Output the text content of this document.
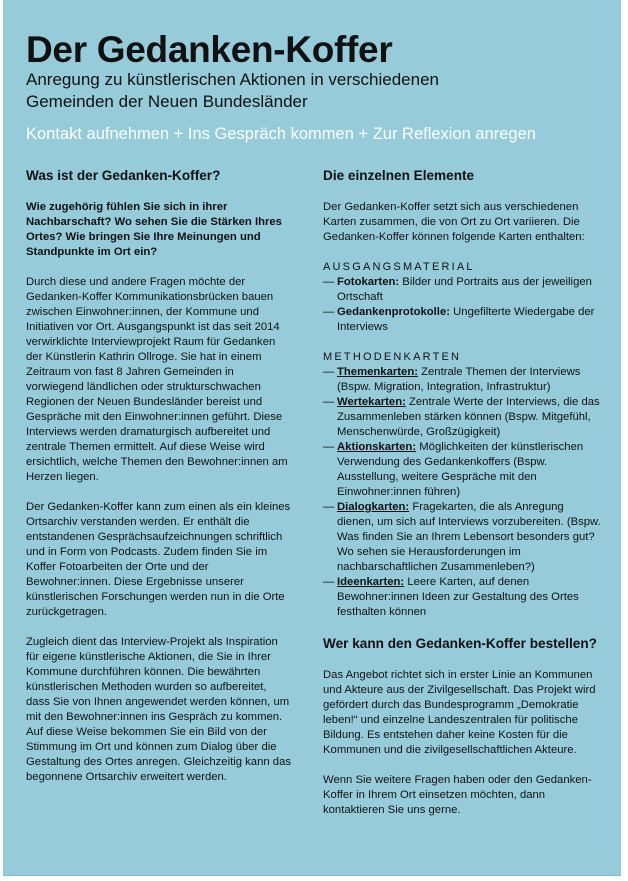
Der Gedanken-Koffer

Anregung zu künstlerischen Aktionen in verschiedenen Gemeinden der Neuen Bundesländer

Kontakt aufnehmen + Ins Gespräch kommen + Zur Reflexion anregen

Was ist der Gedanken-Koffer?

Wie zugehörig fühlen Sie sich in ihrer Nachbarschaft? Wo sehen Sie die Stärken Ihres Ortes? Wie bringen Sie Ihre Meinungen und Standpunkte im Ort ein?

Durch diese und andere Fragen möchte der Gedanken-Koffer Kommunikationsbrücken bauen zwischen Einwohner:innen, der Kommune und Initiativen vor Ort. Ausgangspunkt ist das seit 2014 verwirklichte Interviewprojekt Raum für Gedanken der Künstlerin Kathrin Ollroge. Sie hat in einem Zeitraum von fast 8 Jahren Gemeinden in vorwiegend ländlichen oder strukturschwachen Regionen der Neuen Bundesländer bereist und Gespräche mit den Einwohner:innen geführt. Diese Interviews werden dramaturgisch aufbereitet und zentrale Themen ermittelt. Auf diese Weise wird ersichtlich, welche Themen den Bewohner:innen am Herzen liegen.

Der Gedanken-Koffer kann zum einen als ein kleines Ortsarchiv verstanden werden. Er enthält die entstandenen Gesprächsaufzeichnungen schriftlich und in Form von Podcasts. Zudem finden Sie im Koffer Fotoarbeiten der Orte und der Bewohner:innen. Diese Ergebnisse unserer künstlerischen Forschungen werden nun in die Orte zurückgetragen.

Zugleich dient das Interview-Projekt als Inspiration für eigene künstlerische Aktionen, die Sie in Ihrer Kommune durchführen können. Die bewährten künstlerischen Methoden wurden so aufbereitet, dass Sie von Ihnen angewendet werden können, um mit den Bewohner:innen ins Gespräch zu kommen. Auf diese Weise bekommen Sie ein Bild von der Stimmung im Ort und können zum Dialog über die Gestaltung des Ortes anregen. Gleichzeitig kann das begonnene Ortsarchiv erweitert werden.

Die einzelnen Elemente

Der Gedanken-Koffer setzt sich aus verschiedenen Karten zusammen, die von Ort zu Ort variieren. Die Gedanken-Koffer können folgende Karten enthalten:

AUSGANGSMATERIAL

— Fotokarten: Bilder und Portraits aus der jeweiligen Ortschaft
— Gedankenprotokolle: Ungefilterte Wiedergabe der Interviews

METHODENKARTEN

— Themenkarten: Zentrale Themen der Interviews (Bspw. Migration, Integration, Infrastruktur)
— Wertekarten: Zentrale Werte der Interviews, die das Zusammenleben stärken können (Bspw. Mitgefühl, Menschenwürde, Großzügigkeit)
— Aktionskarten: Möglichkeiten der künstlerischen Verwendung des Gedankenkoffers (Bspw. Ausstellung, weitere Gespräche mit den Einwohner:innen führen)
— Dialogkarten: Fragekarten, die als Anregung dienen, um sich auf Interviews vorzubereiten. (Bspw. Was finden Sie an Ihrem Lebensort besonders gut? Wo sehen sie Herausforderungen im nachbarschaftlichen Zusammenleben?)
— Ideenkarten: Leere Karten, auf denen Bewohner:innen Ideen zur Gestaltung des Ortes festhalten können
Wer kann den Gedanken-Koffer bestellen?

Das Angebot richtet sich in erster Linie an Kommunen und Akteure aus der Zivilgesellschaft. Das Projekt wird gefördert durch das Bundesprogramm „Demokratie leben!“ und einzelne Landeszentralen für politische Bildung. Es entstehen daher keine Kosten für die Kommunen und die zivilgesellschaftlichen Akteure.

Wenn Sie weitere Fragen haben oder den Gedanken-Koffer in Ihrem Ort einsetzen möchten, dann kontaktieren Sie uns gerne.
